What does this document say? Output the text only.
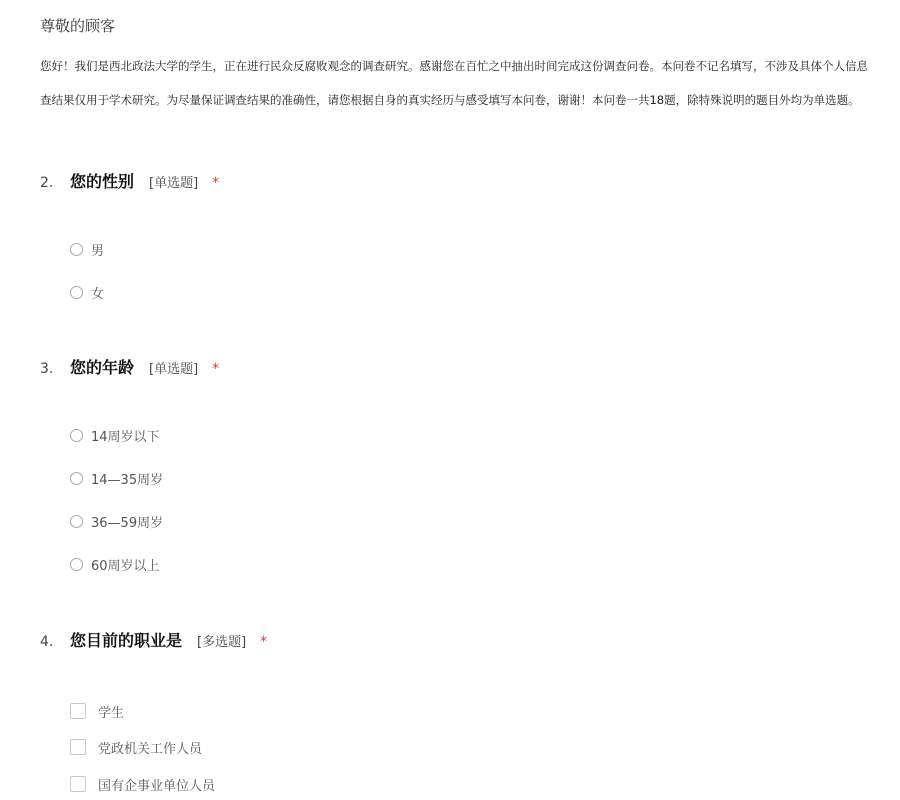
尊敬的顾客
您好！我们是西北政法大学的学生，正在进行民众反腐败观念的调查研究。感谢您在百忙之中抽出时间完成这份调查问卷。本问卷不记名填写，不涉及具体个人信息
查结果仅用于学术研究。为尽量保证调查结果的准确性，请您根据自身的真实经历与感受填写本问卷，谢谢！本问卷一共18题，除特殊说明的题目外均为单选题。
2.	您的性别 [单选题] *
男
女
3.	您的年龄 [单选题] *
14周岁以下
14—35周岁
36—59周岁
60周岁以上
4.	您目前的职业是 [多选题] *
学生
党政机关工作人员
国有企事业单位人员
